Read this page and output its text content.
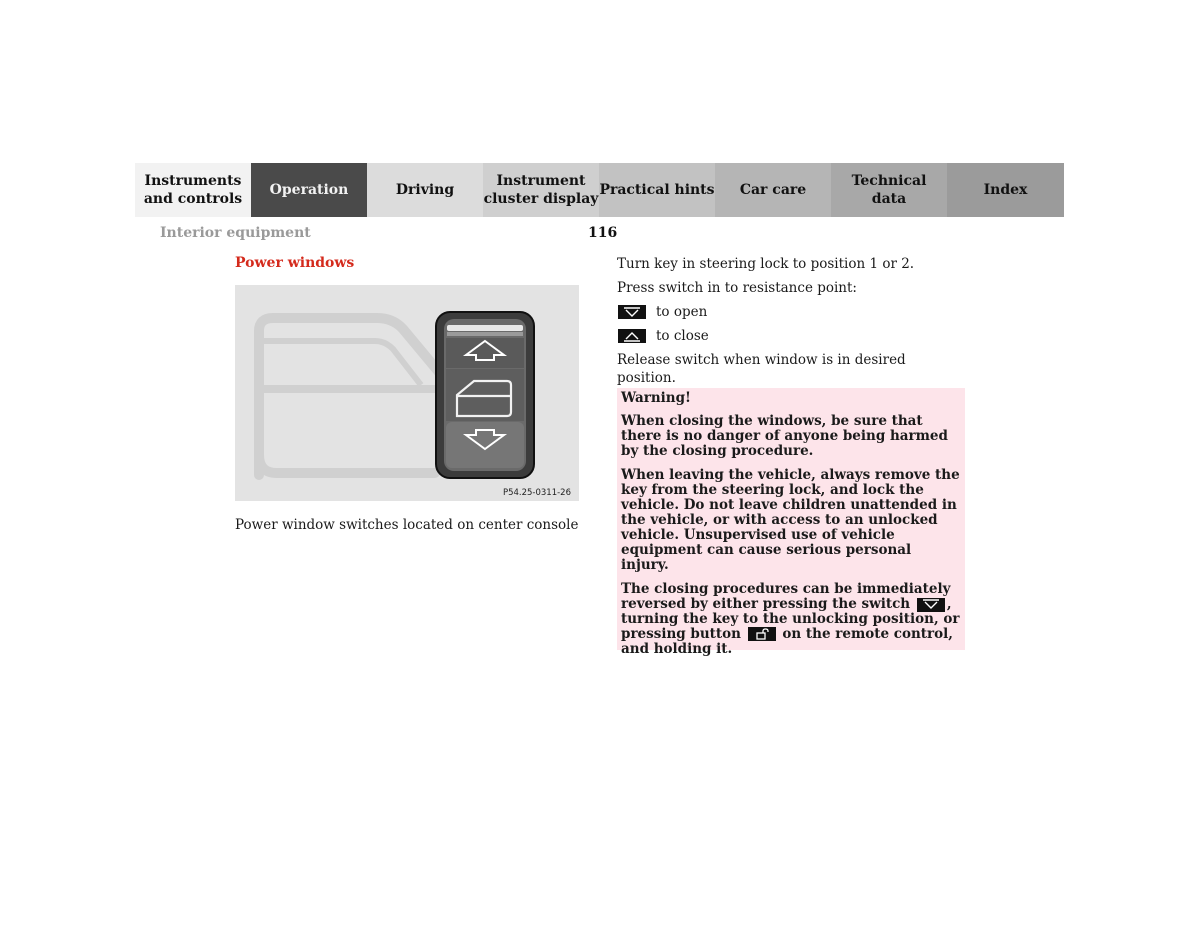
Instruments
and controls
Operation	Driving
Instrument
cluster display
Practical hints	Car care
Technical
data
Index
Interior equipment	116
Power windows
P54.25-0311-26
Power window switches located on center console

Turn key in steering lock to position 1 or 2.

Press switch in to resistance point:

to open
to close

Release switch when window is in desired position.

Warning!

When closing the windows, be sure that there is no danger of anyone being harmed by the closing procedure.

When leaving the vehicle, always remove the key from the steering lock, and lock the vehicle. Do not leave children unattended in the vehicle, or with access to an unlocked vehicle. Unsupervised use of vehicle equipment can cause serious personal injury.

The closing procedures can be immediately reversed by either pressing the switch	, turning the key to the unlocking position, or pressing button	on the remote control, and holding it.
